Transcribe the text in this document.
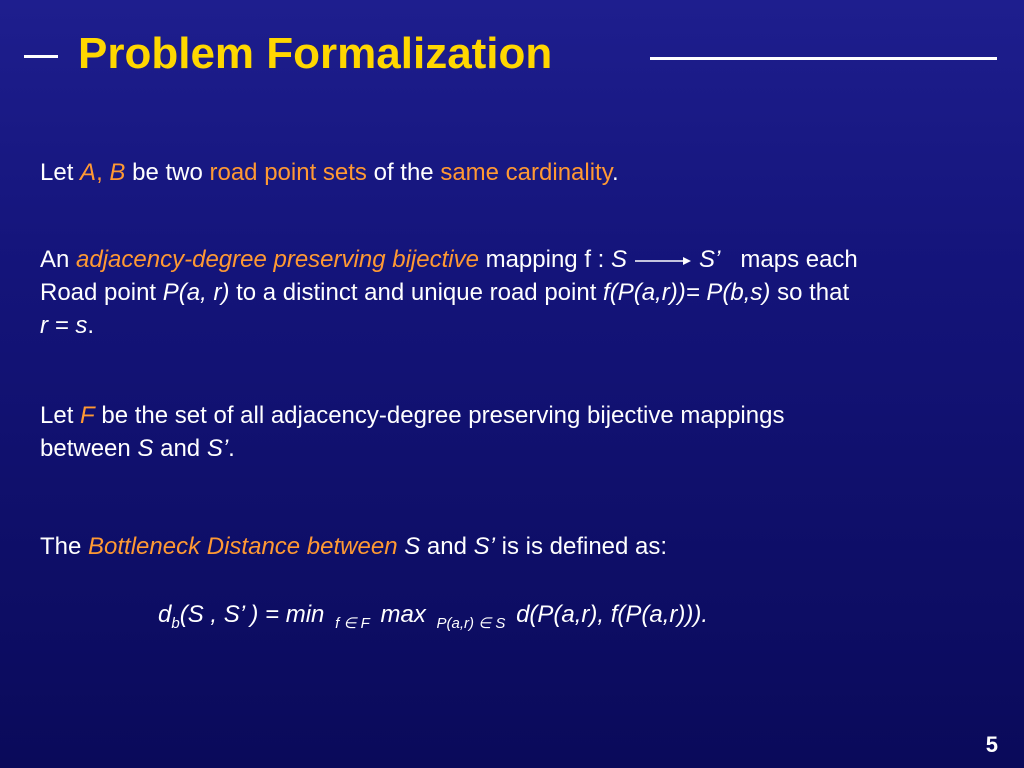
Problem Formalization
Let A, B be two road point sets of the same cardinality.
An adjacency-degree preserving bijective mapping f : S	S’ maps each
Road point P(a, r) to a distinct and unique road point f(P(a,r))= P(b,s) so that
r = s.
Let F be the set of all adjacency-degree preserving bijective mappings
between S and S’.
The Bottleneck Distance between S and S’ is is defined as:
$d_b(S$ , S’ ) = min $_{f \in F}$ max $_{P(a,r) \in S}$ d(P(a,r), f(P(a,r))).
5
